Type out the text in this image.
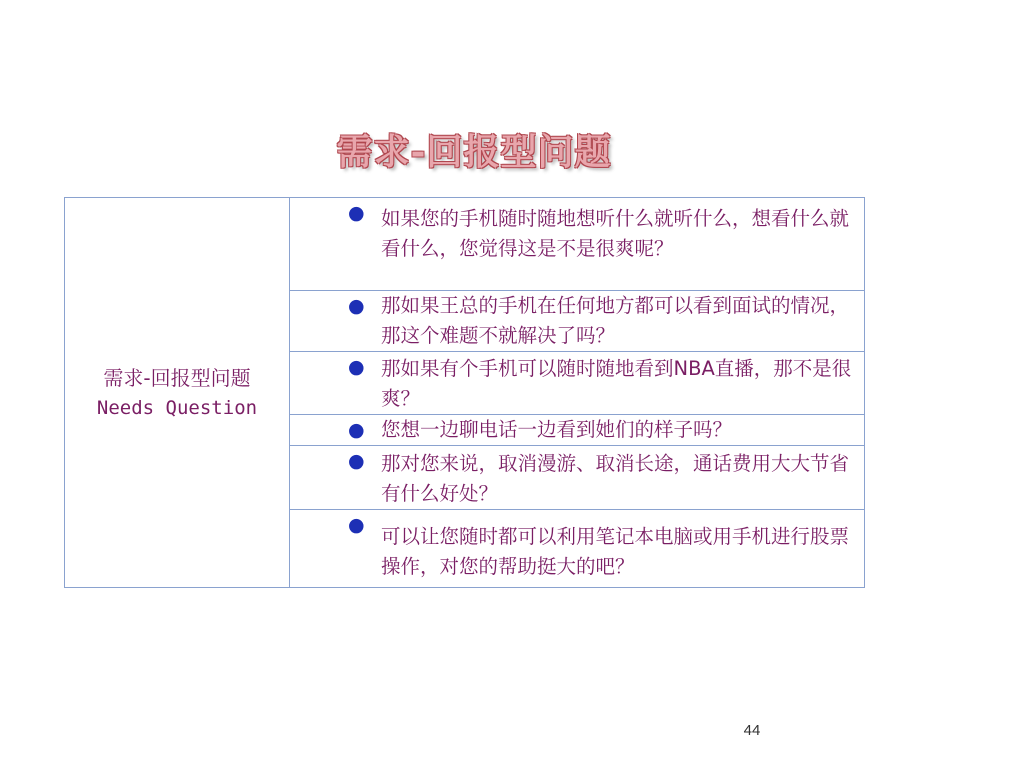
需求-回报型问题
需求-回报型问题
Needs Question

● 如果您的手机随时随地想听什么就听什么，想看什么就看什么，您觉得这是不是很爽呢？

● 那如果王总的手机在任何地方都可以看到面试的情况，那这个难题不就解决了吗？

● 那如果有个手机可以随时随地看到NBA直播，那不是很爽？

● 您想一边聊电话一边看到她们的样子吗？

● 那对您来说，取消漫游、取消长途，通话费用大大节省有什么好处？

● 可以让您随时都可以利用笔记本电脑或用手机进行股票操作，对您的帮助挺大的吧？
44
